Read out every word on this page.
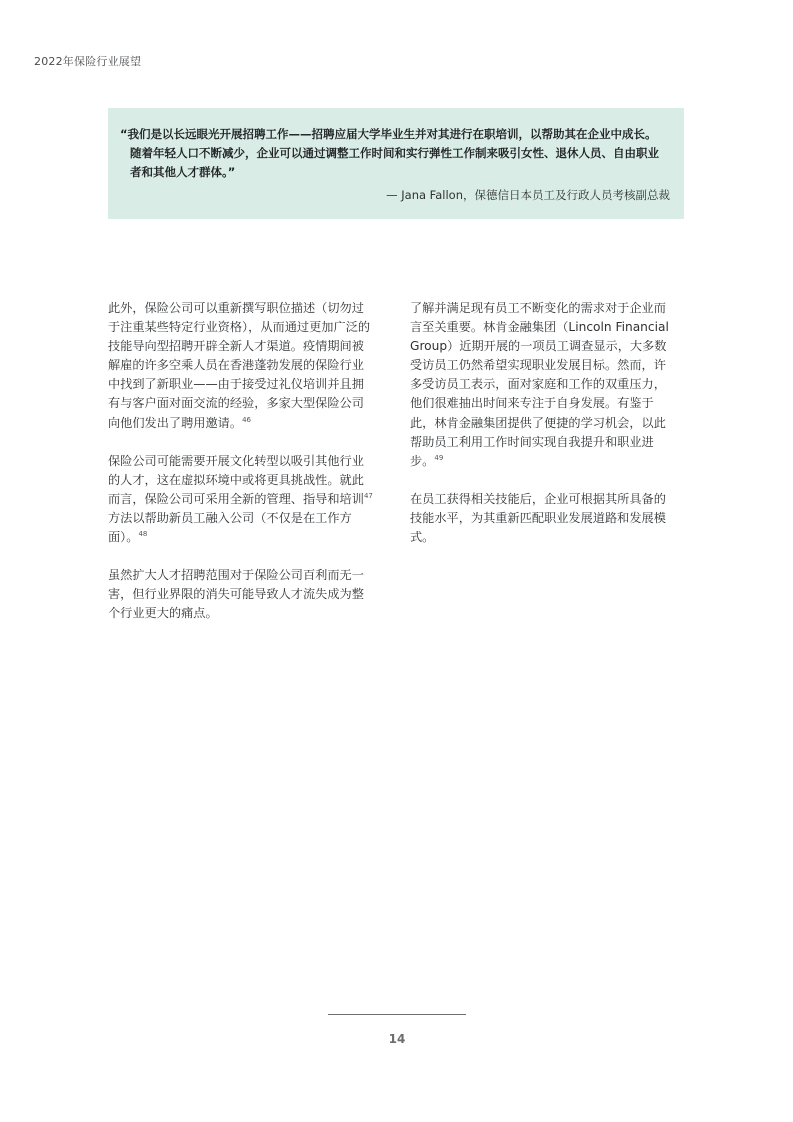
2022年保险行业展望
“我们是以长远眼光开展招聘工作——招聘应届大学毕业生并对其进行在职培训，以帮助其在企业中成长。
随着年轻人口不断减少，企业可以通过调整工作时间和实行弹性工作制来吸引女性、退休人员、自由职业
者和其他人才群体。”
— Jana Fallon，保德信日本员工及行政人员考核副总裁

此外，保险公司可以重新撰写职位描述（切勿过于注重某些特定行业资格），从而通过更加广泛的技能导向型招聘开辟全新人才渠道。疫情期间被解雇的许多空乘人员在香港蓬勃发展的保险行业中找到了新职业——由于接受过礼仪培训并且拥有与客户面对面交流的经验，多家大型保险公司向他们发出了聘用邀请。$^{46}$

保险公司可能需要开展文化转型以吸引其他行业的人才，这在虚拟环境中或将更具挑战性。就此而言，保险公司可采用全新的管理、指导和培训$^{47}$方法以帮助新员工融入公司（不仅是在工作方面）。$^{48}$

虽然扩大人才招聘范围对于保险公司百利而无一害，但行业界限的消失可能导致人才流失成为整个行业更大的痛点。

了解并满足现有员工不断变化的需求对于企业而言至关重要。林肯金融集团（Lincoln Financial Group）近期开展的一项员工调查显示，大多数受访员工仍然希望实现职业发展目标。然而，许多受访员工表示，面对家庭和工作的双重压力，他们很难抽出时间来专注于自身发展。有鉴于此，林肯金融集团提供了便捷的学习机会，以此帮助员工利用工作时间实现自我提升和职业进步。$^{49}$

在员工获得相关技能后，企业可根据其所具备的技能水平，为其重新匹配职业发展道路和发展模式。

14
